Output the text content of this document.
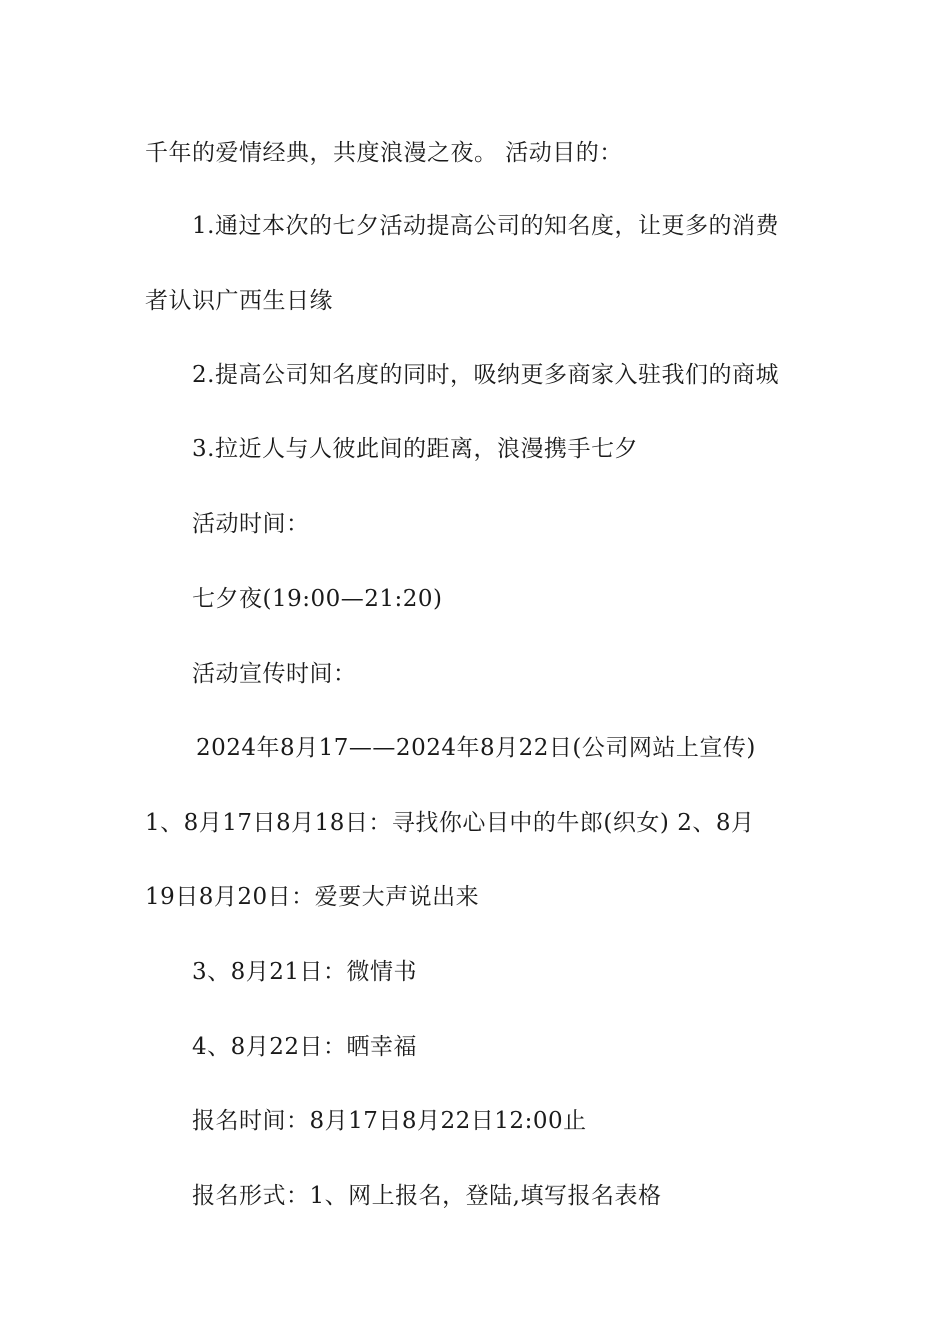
千年的爱情经典，共度浪漫之夜。 活动目的：
1.通过本次的七夕活动提高公司的知名度，让更多的消费
者认识广西生日缘
2.提高公司知名度的同时，吸纳更多商家入驻我们的商城
3.拉近人与人彼此间的距离，浪漫携手七夕
活动时间：
七夕夜(19:00—21:20)
活动宣传时间：
2024年8月17——2024年8月22日(公司网站上宣传)
1、8月17日8月18日：寻找你心目中的牛郎(织女) 2、8月
19日8月20日：爱要大声说出来
3、8月21日：微情书
4、8月22日：晒幸福
报名时间：8月17日8月22日12:00止
报名形式：1、网上报名，登陆,填写报名表格
